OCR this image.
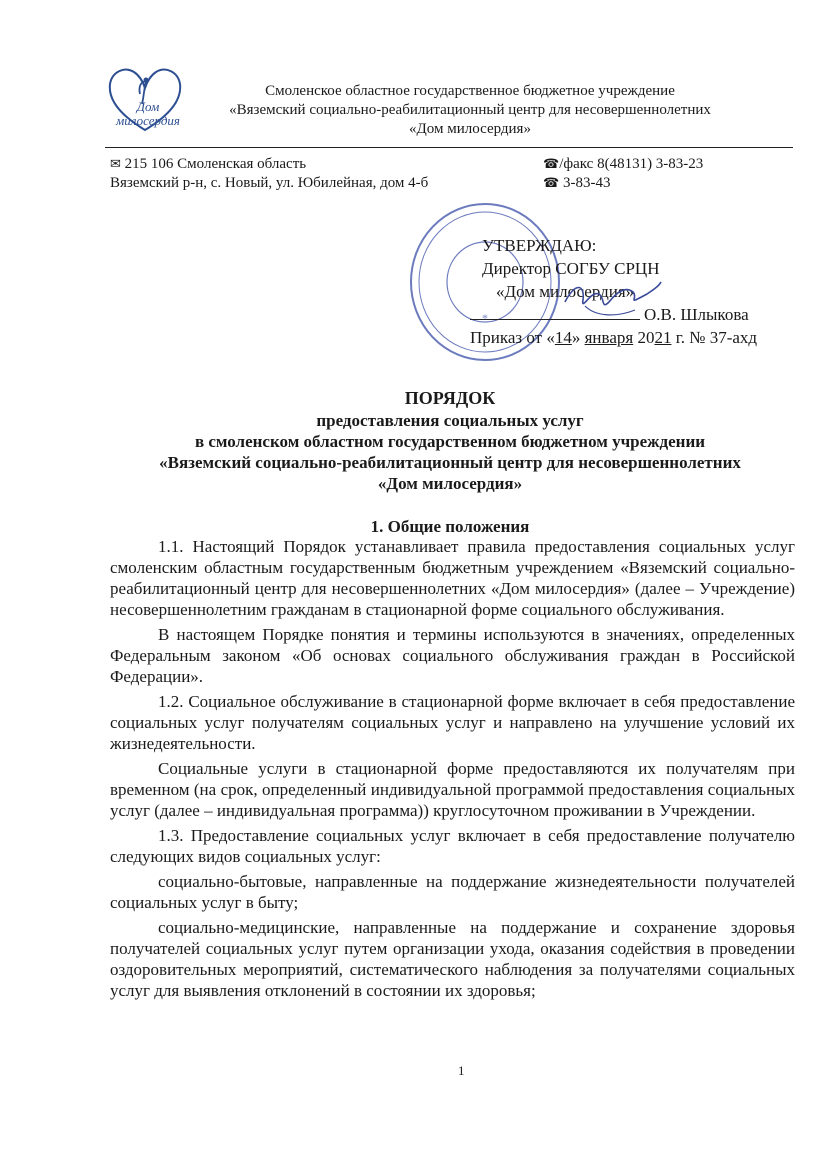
Дом
милосердия
Смоленское областное государственное бюджетное учреждение
«Вяземский социально-реабилитационный центр для несовершеннолетних
«Дом милосердия»
✉ 215 106 Смоленская область
Вяземский р-н, с. Новый, ул. Юбилейная, дом 4-б
☎/факс 8(48131) 3-83-23
☎ 3-83-43
*
УТВЕРЖДАЮ:
Директор СОГБУ СРЦН
«Дом милосердия»
О.В. Шлыкова
Приказ от «14» января 2021 г. № 37-ахд
ПОРЯДОК
предоставления социальных услуг
в смоленском областном государственном бюджетном учреждении
«Вяземский социально-реабилитационный центр для несовершеннолетних
«Дом милосердия»
1. Общие положения

1.1. Настоящий Порядок устанавливает правила предоставления социальных услуг смоленским областным государственным бюджетным учреждением «Вяземский социально-реабилитационный центр для несовершеннолетних «Дом милосердия» (далее – Учреждение) несовершеннолетним гражданам в стационарной форме социального обслуживания.

В настоящем Порядке понятия и термины используются в значениях, определенных Федеральным законом «Об основах социального обслуживания граждан в Российской Федерации».

1.2. Социальное обслуживание в стационарной форме включает в себя предоставление социальных услуг получателям социальных услуг и направлено на улучшение условий их жизнедеятельности.

Социальные услуги в стационарной форме предоставляются их получателям при временном (на срок, определенный индивидуальной программой предоставления социальных услуг (далее – индивидуальная программа)) круглосуточном проживании в Учреждении.

1.3. Предоставление социальных услуг включает в себя предоставление получателю следующих видов социальных услуг:

социально-бытовые, направленные на поддержание жизнедеятельности получателей социальных услуг в быту;

социально-медицинские, направленные на поддержание и сохранение здоровья получателей социальных услуг путем организации ухода, оказания содействия в проведении оздоровительных мероприятий, систематического наблюдения за получателями социальных услуг для выявления отклонений в состоянии их здоровья;

1
